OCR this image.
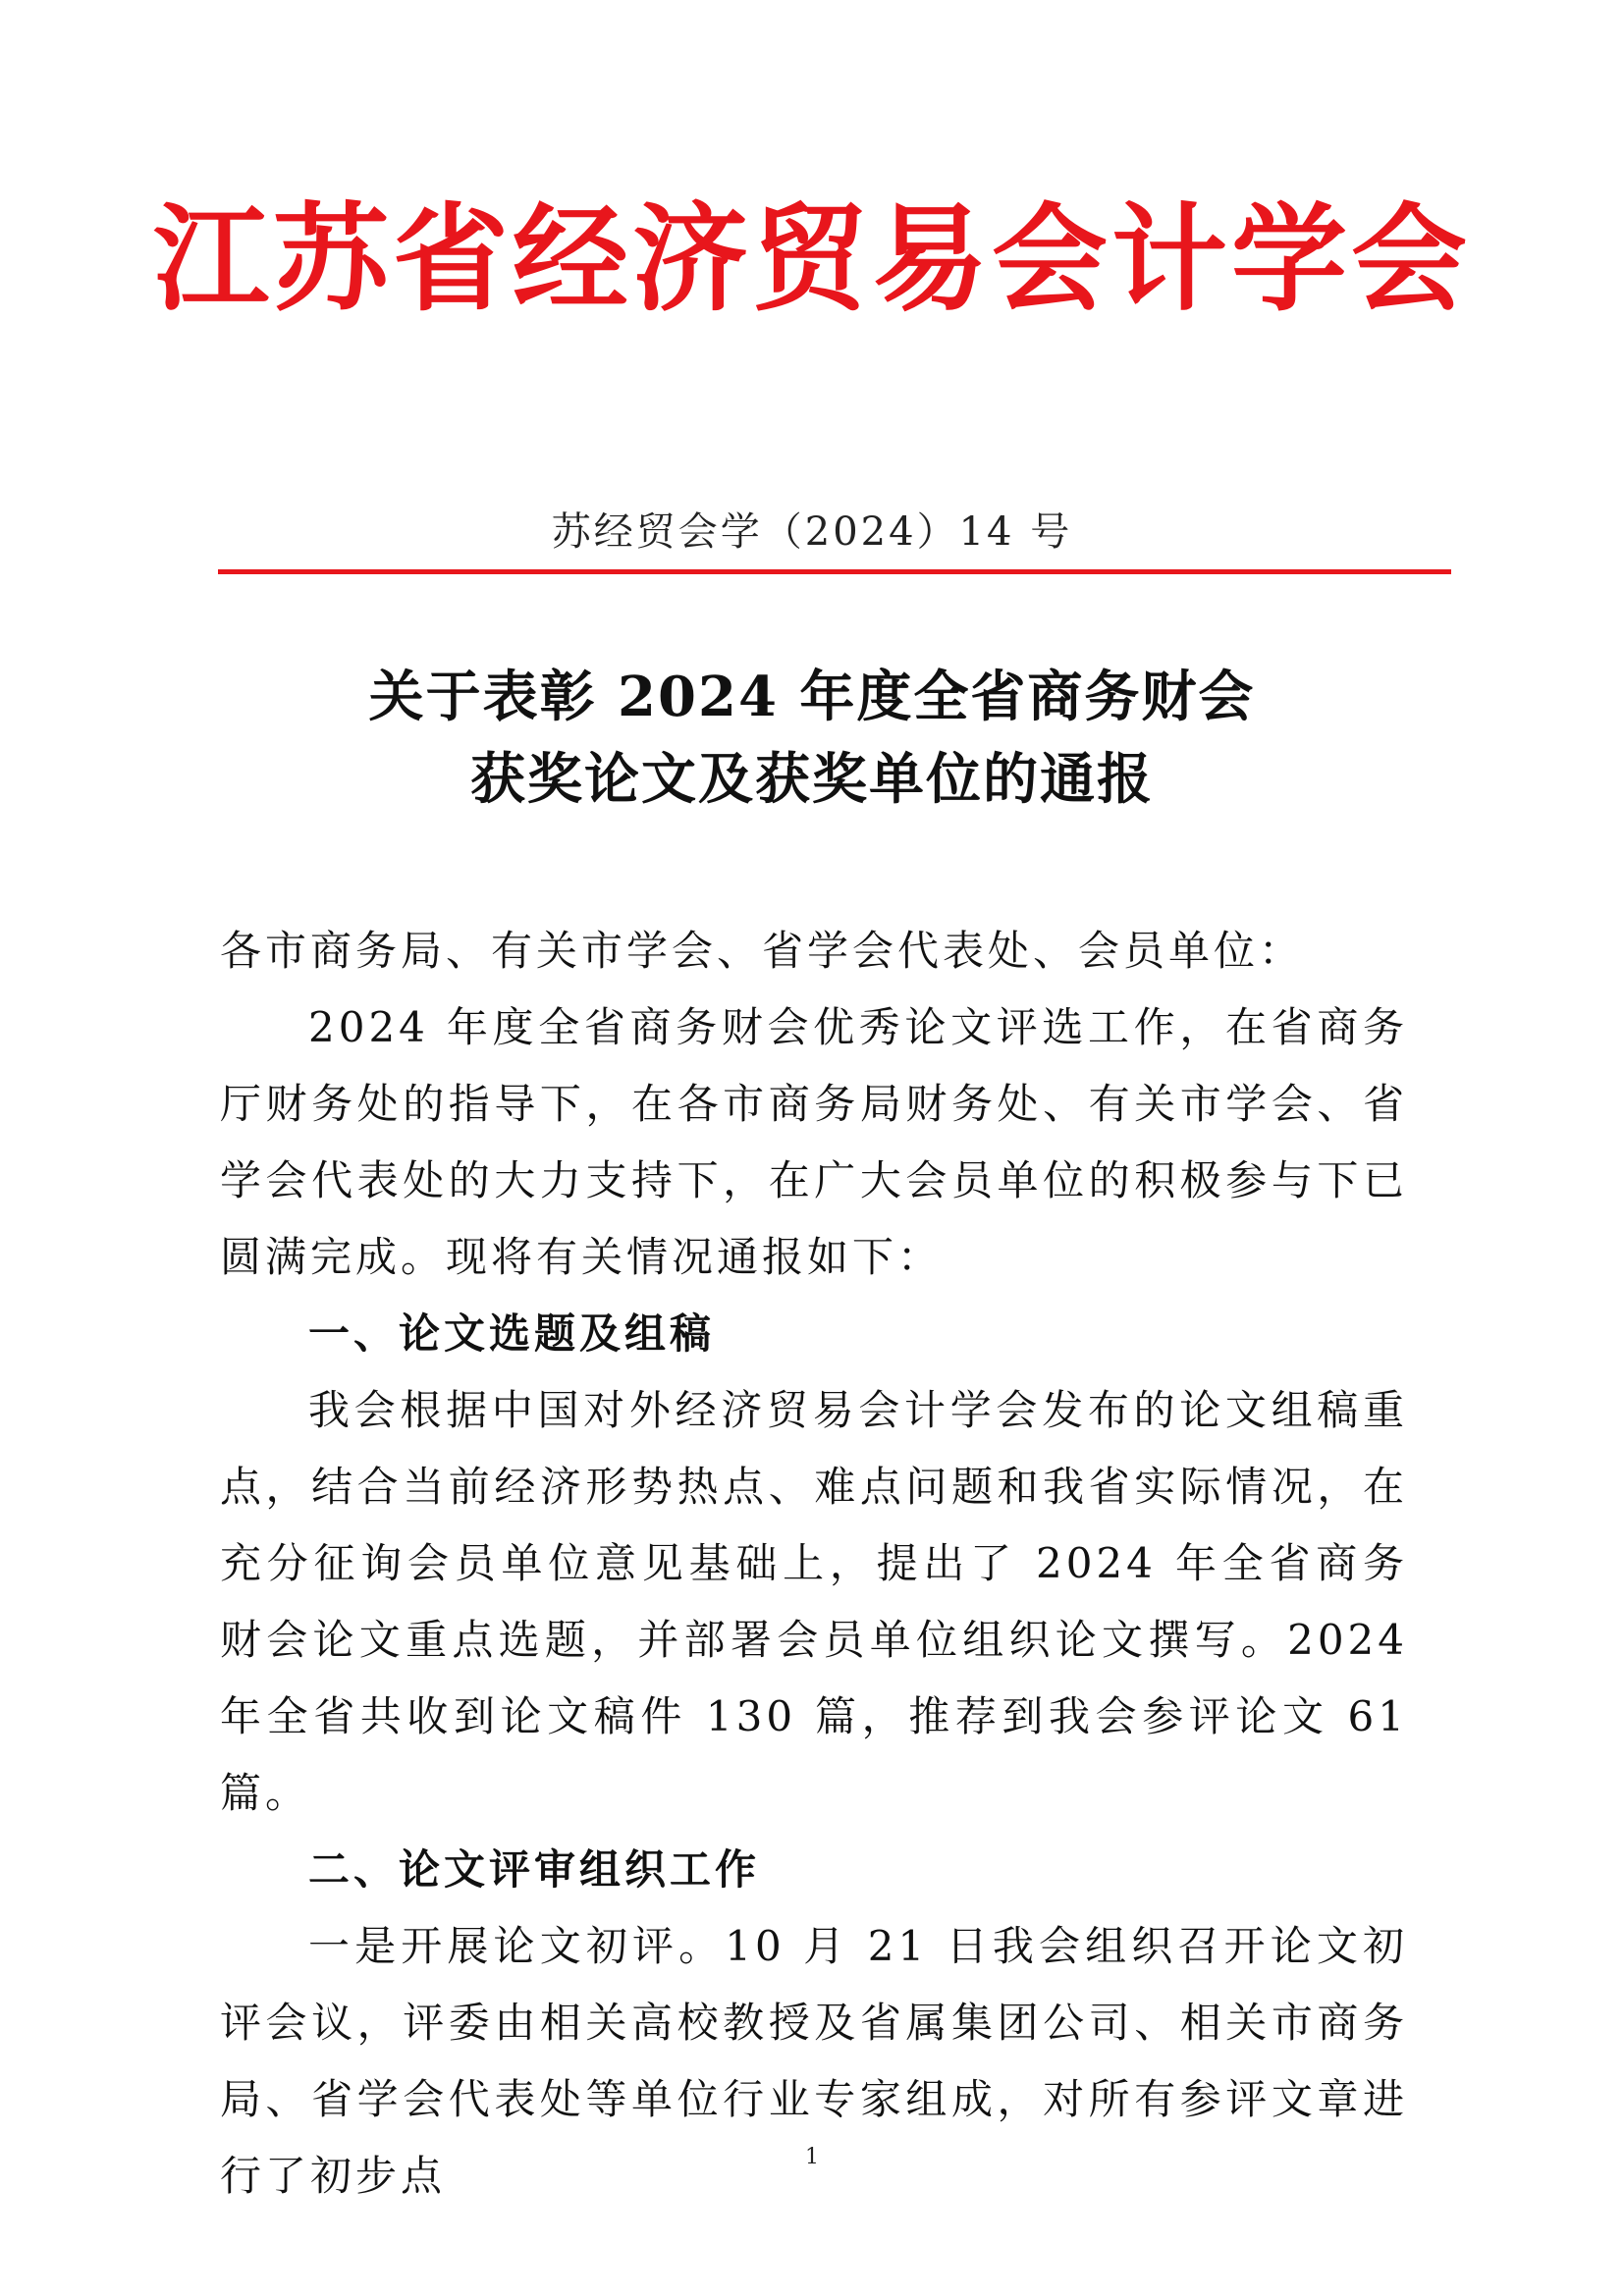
江苏省经济贸易会计学会
苏经贸会学（2024）14 号
关于表彰 2024 年度全省商务财会
获奖论文及获奖单位的通报

各市商务局、有关市学会、省学会代表处、会员单位：

2024 年度全省商务财会优秀论文评选工作，在省商务厅财务处的指导下，在各市商务局财务处、有关市学会、省学会代表处的大力支持下，在广大会员单位的积极参与下已圆满完成。现将有关情况通报如下：

一、论文选题及组稿

我会根据中国对外经济贸易会计学会发布的论文组稿重点，结合当前经济形势热点、难点问题和我省实际情况，在充分征询会员单位意见基础上，提出了 2024 年全省商务财会论文重点选题，并部署会员单位组织论文撰写。2024 年全省共收到论文稿件 130 篇，推荐到我会参评论文 61 篇。

二、论文评审组织工作

一是开展论文初评。10 月 21 日我会组织召开论文初评会议，评委由相关高校教授及省属集团公司、相关市商务局、省学会代表处等单位行业专家组成，对所有参评文章进行了初步点	1
